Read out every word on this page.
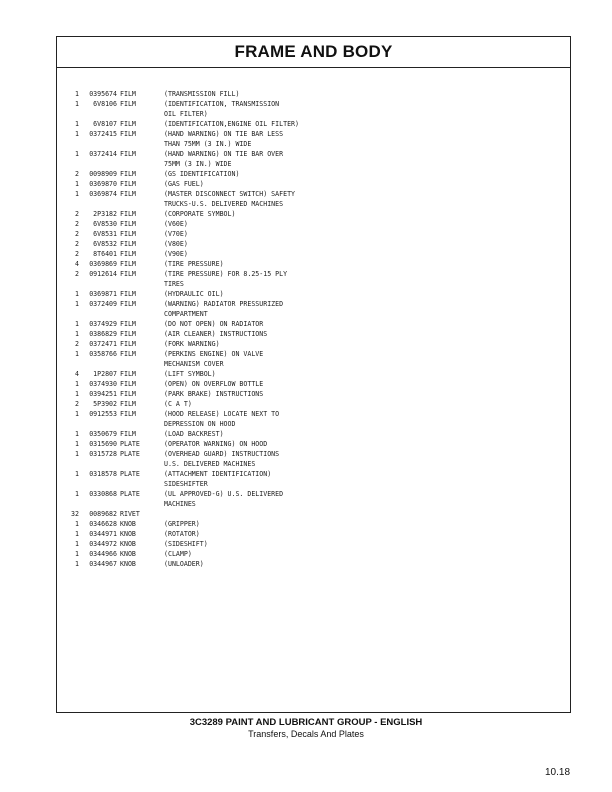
FRAME AND BODY
1	0395674 FILM	(TRANSMISSION FILL)
1	6V8106 FILM	(IDENTIFICATION, TRANSMISSION
OIL FILTER)
1	6V8107 FILM	(IDENTIFICATION,ENGINE OIL FILTER)
1	0372415 FILM	(HAND WARNING) ON TIE BAR LESS
THAN 75MM (3 IN.) WIDE
1	0372414 FILM	(HAND WARNING) ON TIE BAR OVER
75MM (3 IN.) WIDE
2	0098909 FILM	(GS IDENTIFICATION)
1	0369870 FILM	(GAS FUEL)
1	0369874 FILM	(MASTER DISCONNECT SWITCH) SAFETY
TRUCKS-U.S. DELIVERED MACHINES
2	2P3182 FILM	(CORPORATE SYMBOL)
2	6V8530 FILM	(V60E)
2	6V8531 FILM	(V70E)
2	6V8532 FILM	(V80E)
2	8T6401 FILM	(V90E)
4	0369869 FILM	(TIRE PRESSURE)
2	0912614 FILM	(TIRE PRESSURE) FOR 8.25-15 PLY
TIRES
1	0369871 FILM	(HYDRAULIC OIL)
1	0372409 FILM	(WARNING) RADIATOR PRESSURIZED
COMPARTMENT
1	0374929 FILM	(DO NOT OPEN) ON RADIATOR
1	0386829 FILM	(AIR CLEANER) INSTRUCTIONS
2	0372471 FILM	(FORK WARNING)
1	0358766 FILM	(PERKINS ENGINE) ON VALVE
MECHANISM COVER
4	1P2807 FILM	(LIFT SYMBOL)
1	0374930 FILM	(OPEN) ON OVERFLOW BOTTLE
1	0394251 FILM	(PARK BRAKE) INSTRUCTIONS
2	5P3902 FILM	(C A T)
1	0912553 FILM	(HOOD RELEASE) LOCATE NEXT TO
DEPRESSION ON HOOD
1	0350679 FILM	(LOAD BACKREST)
1	0315690 PLATE	(OPERATOR WARNING) ON HOOD
1	0315728 PLATE	(OVERHEAD GUARD) INSTRUCTIONS
U.S. DELIVERED MACHINES
1	0318578 PLATE	(ATTACHMENT IDENTIFICATION)
SIDESHIFTER
1	0330868 PLATE	(UL APPROVED-G) U.S. DELIVERED
MACHINES
32	0089682 RIVET
1	0346628 KNOB	(GRIPPER)
1	0344971 KNOB	(ROTATOR)
1	0344972 KNOB	(SIDESHIFT)
1	0344966 KNOB	(CLAMP)
1	0344967 KNOB	(UNLOADER)
3C3289 PAINT AND LUBRICANT GROUP - ENGLISH
Transfers, Decals And Plates
10.18
